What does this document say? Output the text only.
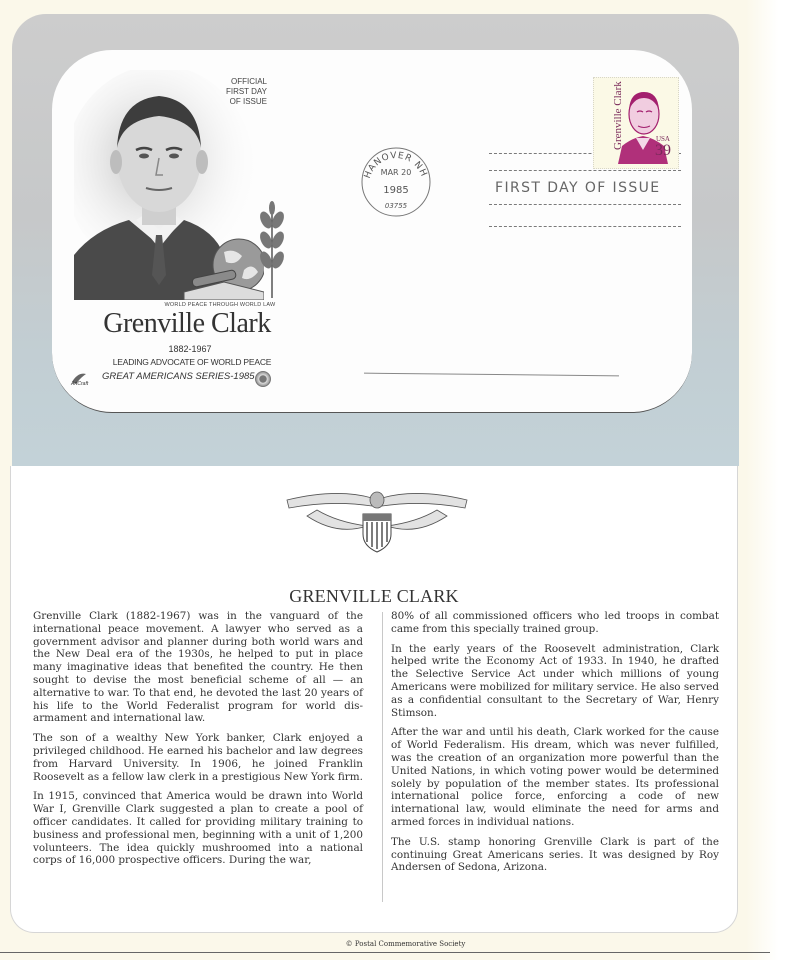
OFFICIAL
FIRST DAY
OF ISSUE
WORLD PEACE THROUGH WORLD LAW
Grenville Clark
1882-1967
LEADING ADVOCATE OF WORLD PEACE
ArtCraft
GREAT AMERICANS SERIES-1985
HANOVER NH
MAR 20
1985
03755
FIRST DAY OF ISSUE
Grenville Clark	USA
39
GRENVILLE CLARK

Grenville Clark (1882-1967) was in the vanguard of the international peace movement. A lawyer who served as a government advisor and planner during both world wars and the New Deal era of the 1930s, he helped to put in place many imaginative ideas that benefited the country. He then sought to devise the most beneficial scheme of all — an alternative to war. To that end, he devoted the last 20 years of his life to the World Federalist program for world disarmament and international law.

The son of a wealthy New York banker, Clark enjoyed a privileged childhood. He earned his bachelor and law degrees from Harvard University. In 1906, he joined Franklin Roosevelt as a fellow law clerk in a prestigious New York firm.

In 1915, convinced that America would be drawn into World War I, Grenville Clark suggested a plan to create a pool of officer candidates. It called for providing military training to business and professional men, beginning with a unit of 1,200 volunteers. The idea quickly mushroomed into a national corps of 16,000 prospective officers. During the war,

80% of all commissioned officers who led troops in combat came from this specially trained group.

In the early years of the Roosevelt administration, Clark helped write the Economy Act of 1933. In 1940, he drafted the Selective Service Act under which millions of young Americans were mobilized for military service. He also served as a confidential consultant to the Secretary of War, Henry Stimson.

After the war and until his death, Clark worked for the cause of World Federalism. His dream, which was never fulfilled, was the creation of an organization more powerful than the United Nations, in which voting power would be determined solely by population of the member states. Its professional international police force, enforcing a code of new international law, would eliminate the need for arms and armed forces in individual nations.

The U.S. stamp honoring Grenville Clark is part of the continuing Great Americans series. It was designed by Roy Andersen of Sedona, Arizona.

© Postal Commemorative Society
